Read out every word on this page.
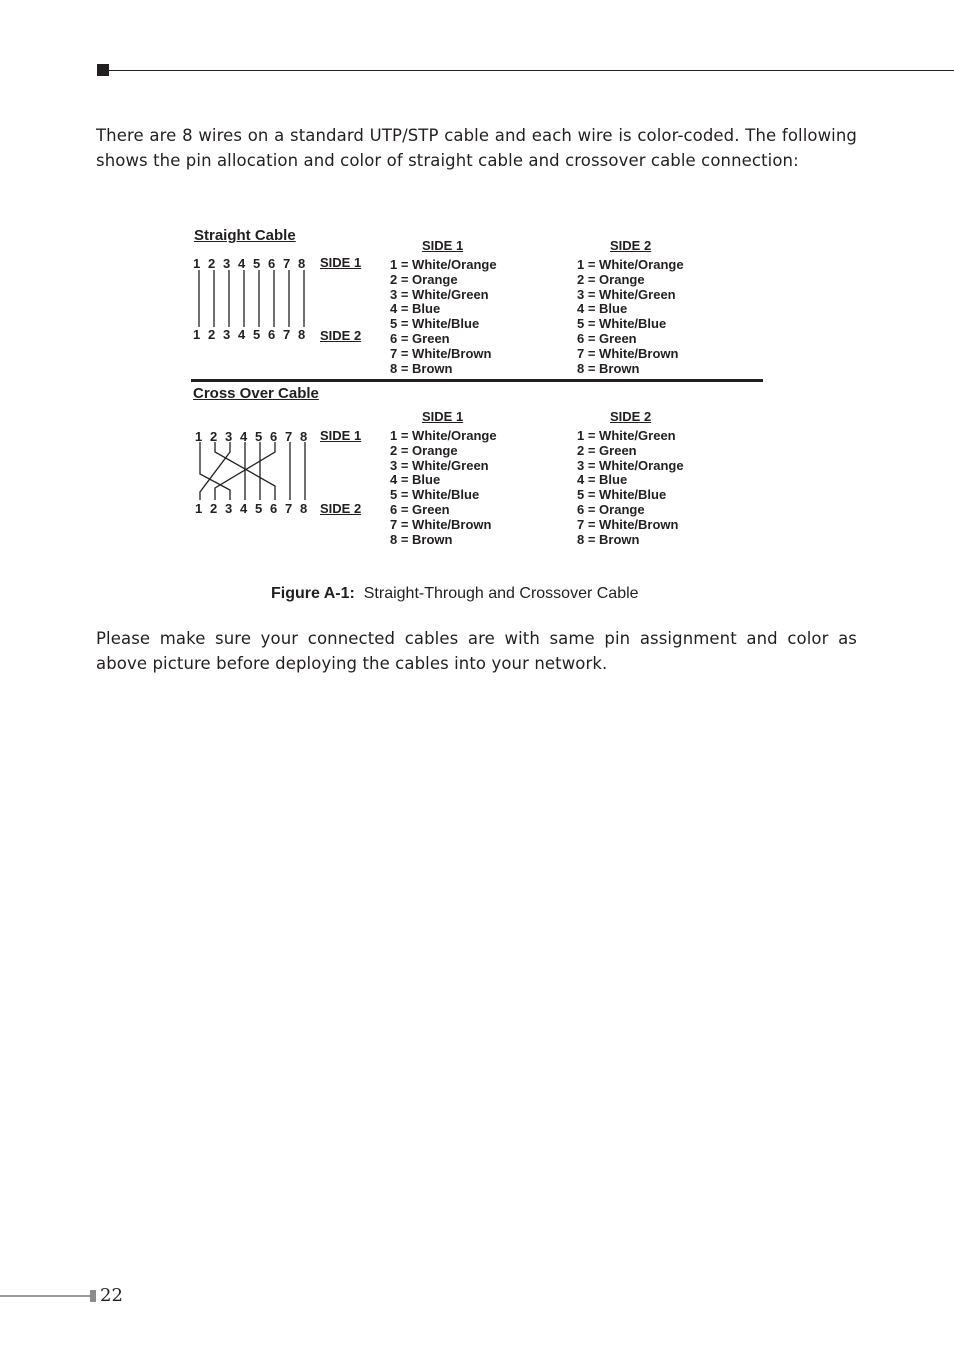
There are 8 wires on a standard UTP/STP cable and each wire is color-coded. The following shows the pin allocation and color of straight cable and crossover cable connection:

Straight Cable
SIDE 1	SIDE 2
1 2 3 4 5 6 7 8
1 2 3 4 5 6 7 8
SIDE 1
SIDE 2
1 = White/Orange
2 = Orange
3 = White/Green
4 = Blue
5 = White/Blue
6 = Green
7 = White/Brown
8 = Brown
1 = White/Orange
2 = Orange
3 = White/Green
4 = Blue
5 = White/Blue
6 = Green
7 = White/Brown
8 = Brown
Cross Over Cable
SIDE 1	SIDE 2
1 2 3 4 5 6 7 8
1 2 3 4 5 6 7 8
SIDE 1
SIDE 2
1 = White/Orange
2 = Orange
3 = White/Green
4 = Blue
5 = White/Blue
6 = Green
7 = White/Brown
8 = Brown
1 = White/Green
2 = Green
3 = White/Orange
4 = Blue
5 = White/Blue
6 = Orange
7 = White/Brown
8 = Brown
Figure A-1: Straight-Through and Crossover Cable

Please make sure your connected cables are with same pin assignment and color as above picture before deploying the cables into your network.

22
